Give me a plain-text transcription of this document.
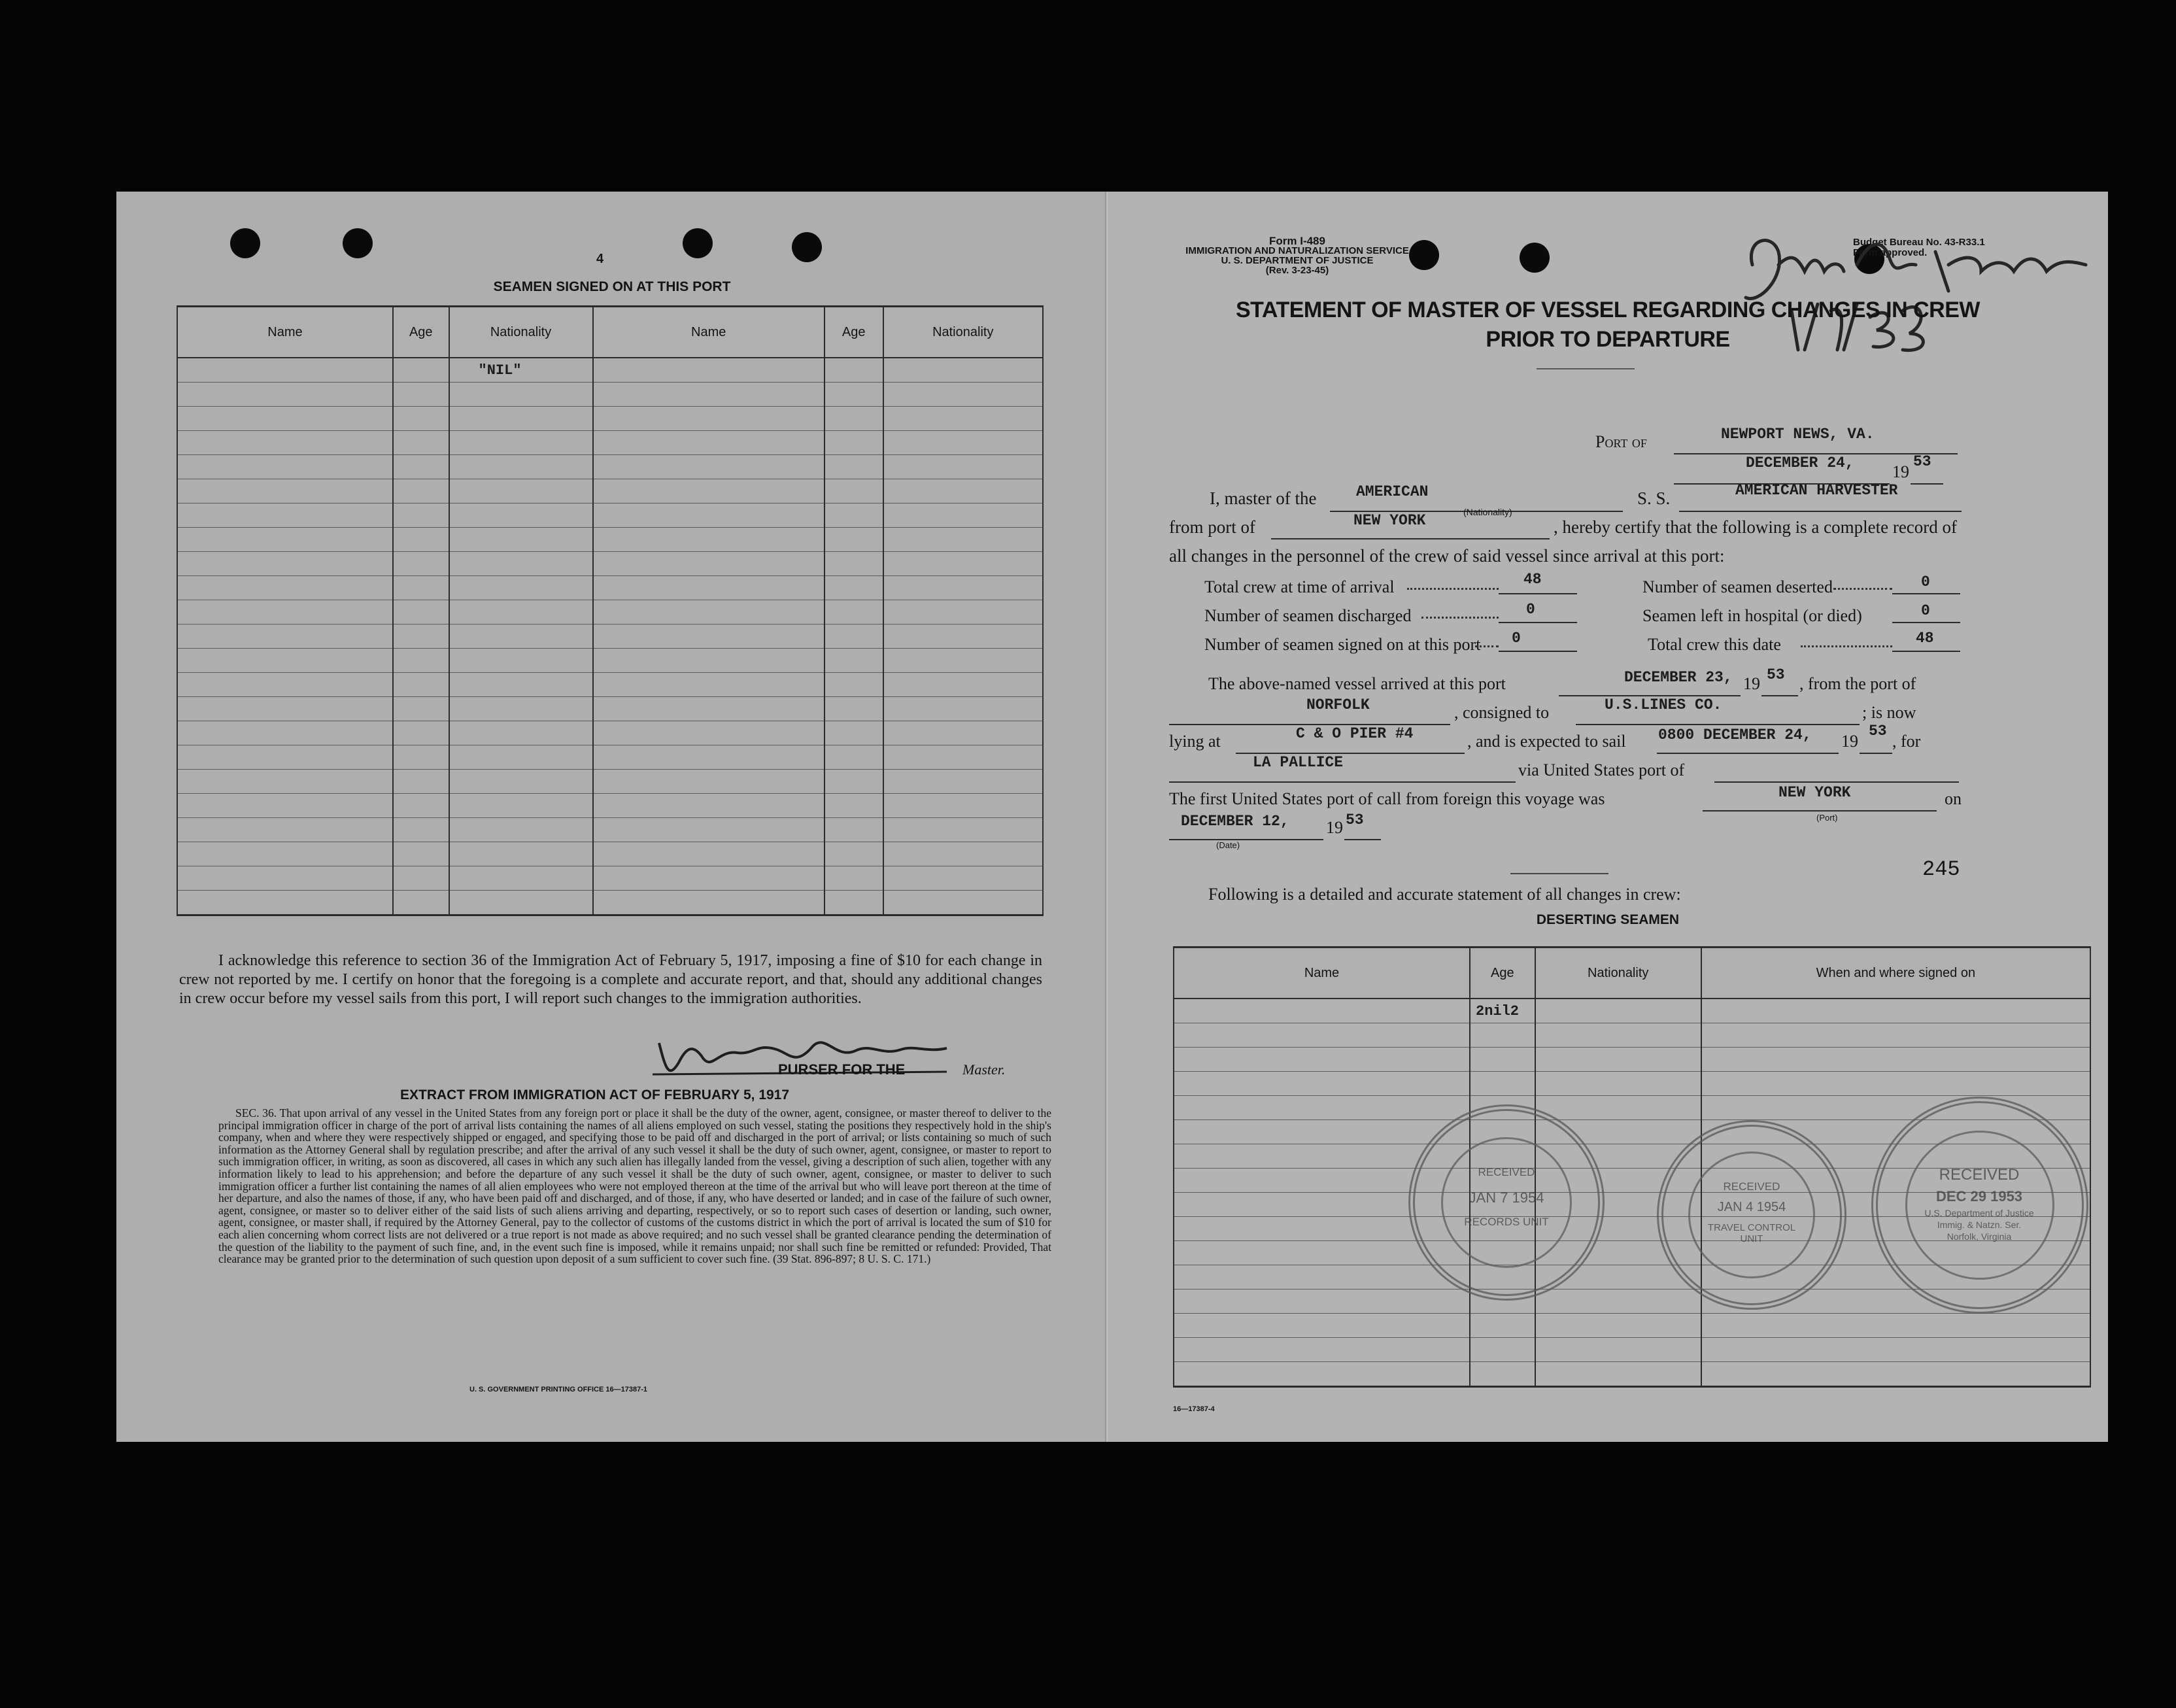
4
SEAMEN SIGNED ON AT THIS PORT
Name	Age	Nationality	Name	Age	Nationality
		"NIL"			

I acknowledge this reference to section 36 of the Immigration Act of February 5, 1917, imposing a fine of $10 for each change in crew not reported by me. I certify on honor that the foregoing is a complete and accurate report, and that, should any additional changes in crew occur before my vessel sails from this port, I will report such changes to the immigration authorities.
PURSER FOR THE	Master.
EXTRACT FROM IMMIGRATION ACT OF FEBRUARY 5, 1917
SEC. 36. That upon arrival of any vessel in the United States from any foreign port or place it shall be the duty of the owner, agent, consignee, or master thereof to deliver to the principal immigration officer in charge of the port of arrival lists containing the names of all aliens employed on such vessel, stating the positions they respectively hold in the ship's company, when and where they were respectively shipped or engaged, and specifying those to be paid off and discharged in the port of arrival; or lists containing so much of such information as the Attorney General shall by regulation prescribe; and after the arrival of any such vessel it shall be the duty of such owner, agent, consignee, or master to report to such immigration officer, in writing, as soon as discovered, all cases in which any such alien has illegally landed from the vessel, giving a description of such alien, together with any information likely to lead to his apprehension; and before the departure of any such vessel it shall be the duty of such owner, agent, consignee, or master to deliver to such immigration officer a further list containing the names of all alien employees who were not employed thereon at the time of the arrival but who will leave port thereon at the time of her departure, and also the names of those, if any, who have been paid off and discharged, and of those, if any, who have deserted or landed; and in case of the failure of such owner, agent, consignee, or master so to deliver either of the said lists of such aliens arriving and departing, respectively, or so to report such cases of desertion or landing, such owner, agent, consignee, or master shall, if required by the Attorney General, pay to the collector of customs of the customs district in which the port of arrival is located the sum of $10 for each alien concerning whom correct lists are not delivered or a true report is not made as above required; and no such vessel shall be granted clearance pending the determination of the question of the liability to the payment of such fine, and, in the event such fine is imposed, while it remains unpaid; nor shall such fine be remitted or refunded: Provided, That clearance may be granted prior to the determination of such question upon deposit of a sum sufficient to cover such fine. (39 Stat. 896-897; 8 U. S. C. 171.)
U. S. GOVERNMENT PRINTING OFFICE 16—17387-1
Form I-489
IMMIGRATION AND NATURALIZATION SERVICE
U. S. DEPARTMENT OF JUSTICE
(Rev. 3-23-45)
Budget Bureau No. 43-R33.1
Form approved.
STATEMENT OF MASTER OF VESSEL REGARDING CHANGES IN CREW
PRIOR TO DEPARTURE
Port of	NEWPORT NEWS, VA.
DECEMBER 24, 19
53
I, master of the	AMERICAN
(Nationality)
S. S.	AMERICAN HARVESTER
from port of	NEW YORK	, hereby certify that the following is a complete record of
all changes in the personnel of the crew of said vessel since arrival at this port:
Total crew at time of arrival	48	Number of seamen deserted	0
Number of seamen discharged	0	Seamen left in hospital (or died)	0
Number of seamen signed on at this port 0	Total crew this date	48
The above-named vessel arrived at this port	DECEMBER 23, 19 53 , from the port of
NORFOLK	, consigned to	U.S.LINES CO.	; is now
lying at	C & O PIER #4	, and is expected to sail 0800 DECEMBER 24, 19
53
, for
LA PALLICE	via United States port of
The first United States port of call from foreign this voyage was	NEW YORK
(Port)
on
DECEMBER 12,
(Date)
19 53
245
Following is a detailed and accurate statement of all changes in crew:
DESERTING SEAMEN
Name	Age	Nationality	When and where signed on
	2nil2		

16—17387-4
RECEIVED
JAN 7 1954
RECORDS UNIT
RECEIVED
JAN 4 1954
TRAVEL CONTROL UNIT
RECEIVED
DEC 29 1953
U.S. Department of Justice
Immig. & Natzn. Ser.
Norfolk, Virginia
